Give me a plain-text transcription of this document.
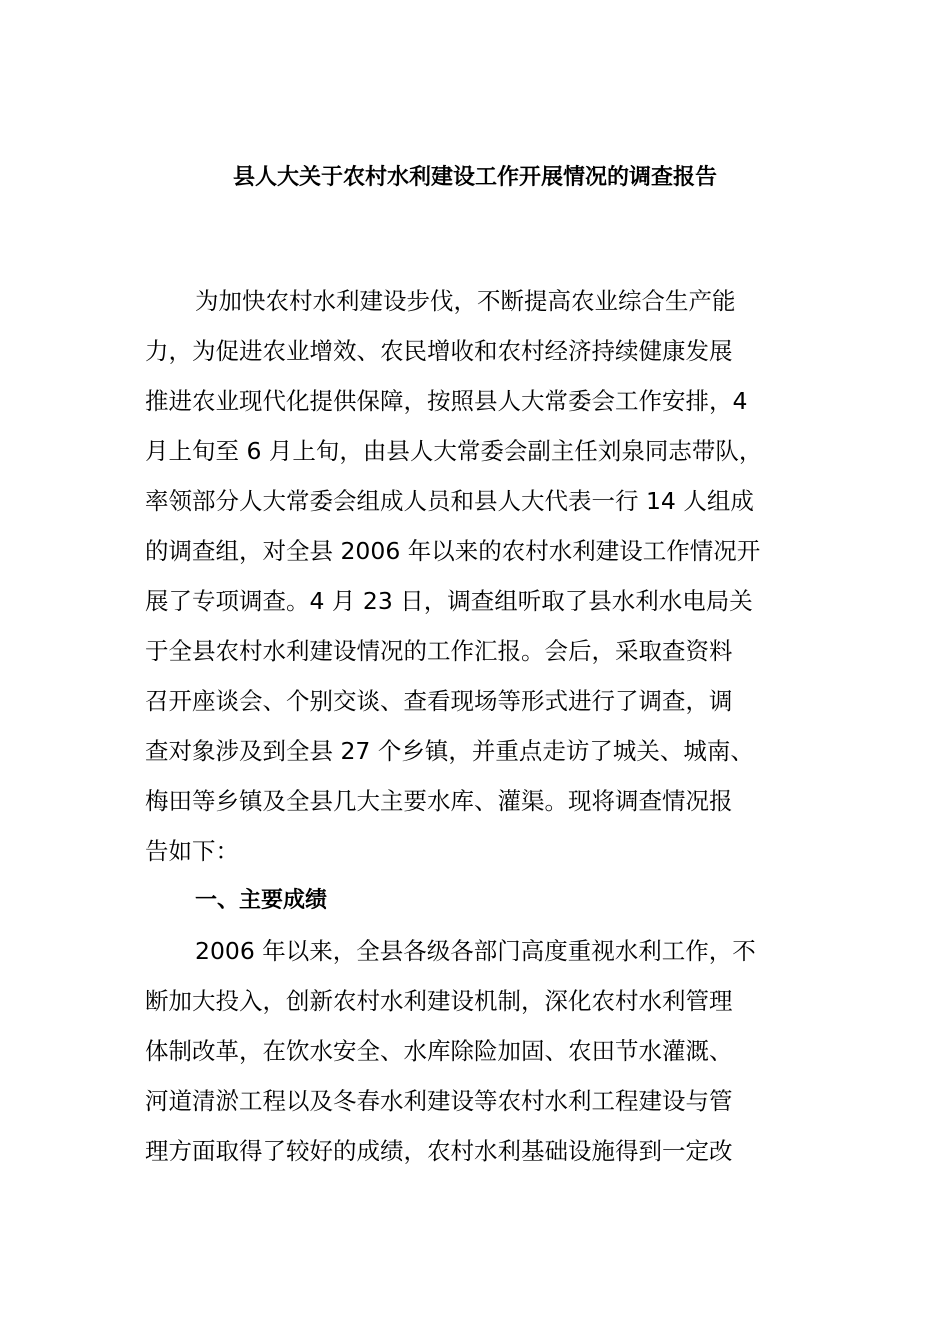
县人大关于农村水利建设工作开展情况的调查报告
为加快农村水利建设步伐，不断提高农业综合生产能
力，为促进农业增效、农民增收和农村经济持续健康发展
推进农业现代化提供保障，按照县人大常委会工作安排，4
月上旬至 6 月上旬，由县人大常委会副主任刘泉同志带队，
率领部分人大常委会组成人员和县人大代表一行 14 人组成
的调查组，对全县 2006 年以来的农村水利建设工作情况开
展了专项调查。4 月 23 日，调查组听取了县水利水电局关
于全县农村水利建设情况的工作汇报。会后，采取查资料
召开座谈会、个别交谈、查看现场等形式进行了调查，调
查对象涉及到全县 27 个乡镇，并重点走访了城关、城南、
梅田等乡镇及全县几大主要水库、灌渠。现将调查情况报
告如下：
一、主要成绩
2006 年以来，全县各级各部门高度重视水利工作，不
断加大投入，创新农村水利建设机制，深化农村水利管理
体制改革，在饮水安全、水库除险加固、农田节水灌溉、
河道清淤工程以及冬春水利建设等农村水利工程建设与管
理方面取得了较好的成绩，农村水利基础设施得到一定改
